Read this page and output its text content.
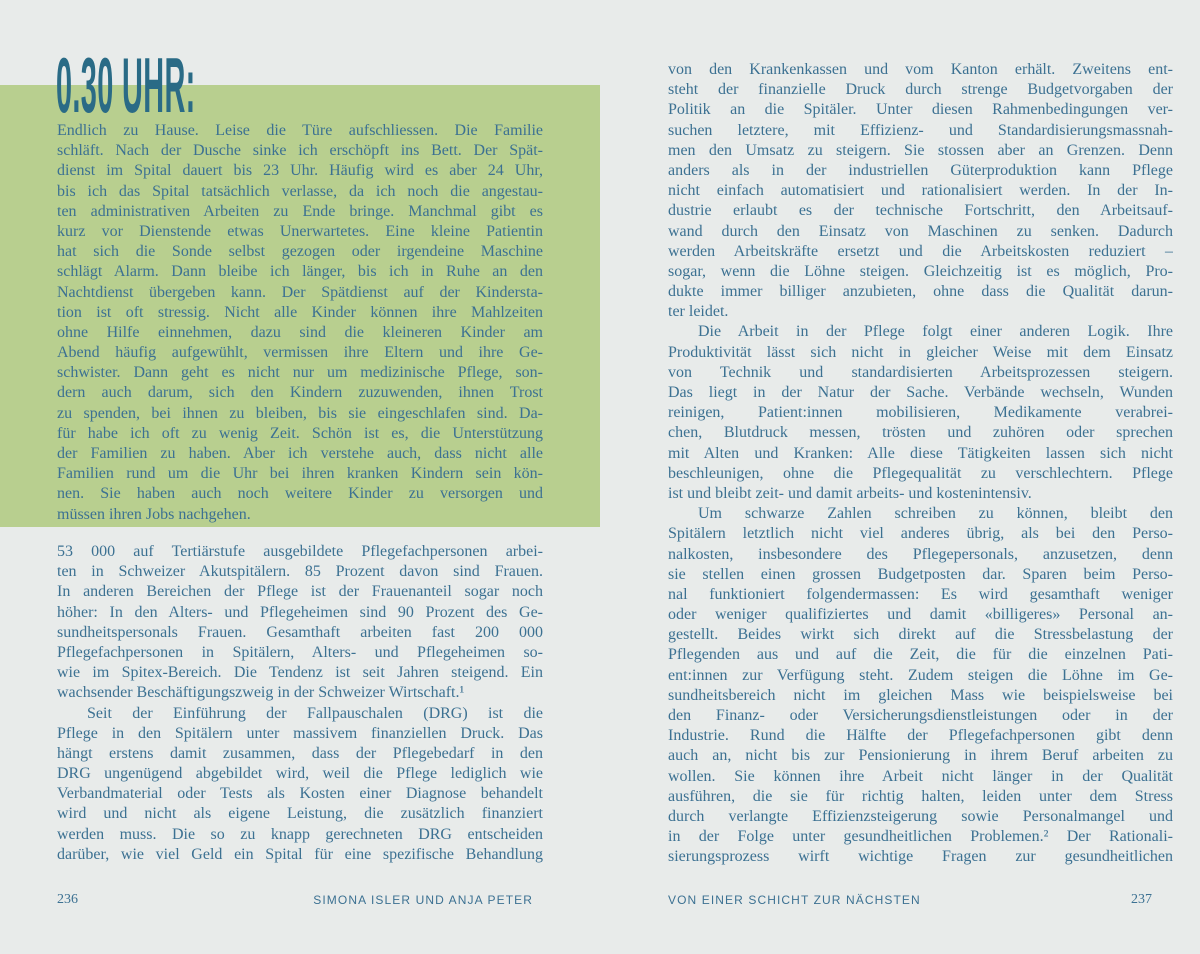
0.30 UHR:
Endlich zu Hause. Leise die Türe aufschliessen. Die Familie
schläft. Nach der Dusche sinke ich erschöpft ins Bett. Der Spät-
dienst im Spital dauert bis 23 Uhr. Häufig wird es aber 24 Uhr,
bis ich das Spital tatsächlich verlasse, da ich noch die angestau-
ten administrativen Arbeiten zu Ende bringe. Manchmal gibt es
kurz vor Dienstende etwas Unerwartetes. Eine kleine Patientin
hat sich die Sonde selbst gezogen oder irgendeine Maschine
schlägt Alarm. Dann bleibe ich länger, bis ich in Ruhe an den
Nachtdienst übergeben kann. Der Spätdienst auf der Kindersta-
tion ist oft stressig. Nicht alle Kinder können ihre Mahlzeiten
ohne Hilfe einnehmen, dazu sind die kleineren Kinder am
Abend häufig aufgewühlt, vermissen ihre Eltern und ihre Ge-
schwister. Dann geht es nicht nur um medizinische Pflege, son-
dern auch darum, sich den Kindern zuzuwenden, ihnen Trost
zu spenden, bei ihnen zu bleiben, bis sie eingeschlafen sind. Da-
für habe ich oft zu wenig Zeit. Schön ist es, die Unterstützung
der Familien zu haben. Aber ich verstehe auch, dass nicht alle
Familien rund um die Uhr bei ihren kranken Kindern sein kön-
nen. Sie haben auch noch weitere Kinder zu versorgen und
müssen ihren Jobs nachgehen.
53 000 auf Tertiärstufe ausgebildete Pflegefachpersonen arbei-
ten in Schweizer Akutspitälern. 85 Prozent davon sind Frauen.
In anderen Bereichen der Pflege ist der Frauenanteil sogar noch
höher: In den Alters- und Pflegeheimen sind 90 Prozent des Ge-
sundheitspersonals Frauen. Gesamthaft arbeiten fast 200 000
Pflegefachpersonen in Spitälern, Alters- und Pflegeheimen so-
wie im Spitex-Bereich. Die Tendenz ist seit Jahren steigend. Ein
wachsender Beschäftigungszweig in der Schweizer Wirtschaft.¹
Seit der Einführung der Fallpauschalen (DRG) ist die
Pflege in den Spitälern unter massivem finanziellen Druck. Das
hängt erstens damit zusammen, dass der Pflegebedarf in den
DRG ungenügend abgebildet wird, weil die Pflege lediglich wie
Verbandmaterial oder Tests als Kosten einer Diagnose behandelt
wird und nicht als eigene Leistung, die zusätzlich finanziert
werden muss. Die so zu knapp gerechneten DRG entscheiden
darüber, wie viel Geld ein Spital für eine spezifische Behandlung
236	SIMONA ISLER UND ANJA PETER
von den Krankenkassen und vom Kanton erhält. Zweitens ent-
steht der finanzielle Druck durch strenge Budgetvorgaben der
Politik an die Spitäler. Unter diesen Rahmenbedingungen ver-
suchen letztere, mit Effizienz- und Standardisierungsmassnah-
men den Umsatz zu steigern. Sie stossen aber an Grenzen. Denn
anders als in der industriellen Güterproduktion kann Pflege
nicht einfach automatisiert und rationalisiert werden. In der In-
dustrie erlaubt es der technische Fortschritt, den Arbeitsauf-
wand durch den Einsatz von Maschinen zu senken. Dadurch
werden Arbeitskräfte ersetzt und die Arbeitskosten reduziert –
sogar, wenn die Löhne steigen. Gleichzeitig ist es möglich, Pro-
dukte immer billiger anzubieten, ohne dass die Qualität darun-
ter leidet.
Die Arbeit in der Pflege folgt einer anderen Logik. Ihre
Produktivität lässt sich nicht in gleicher Weise mit dem Einsatz
von Technik und standardisierten Arbeitsprozessen steigern.
Das liegt in der Natur der Sache. Verbände wechseln, Wunden
reinigen, Patient:innen mobilisieren, Medikamente verabrei-
chen, Blutdruck messen, trösten und zuhören oder sprechen
mit Alten und Kranken: Alle diese Tätigkeiten lassen sich nicht
beschleunigen, ohne die Pflegequalität zu verschlechtern. Pflege
ist und bleibt zeit- und damit arbeits- und kostenintensiv.
Um schwarze Zahlen schreiben zu können, bleibt den
Spitälern letztlich nicht viel anderes übrig, als bei den Perso-
nalkosten, insbesondere des Pflegepersonals, anzusetzen, denn
sie stellen einen grossen Budgetposten dar. Sparen beim Perso-
nal funktioniert folgendermassen: Es wird gesamthaft weniger
oder weniger qualifiziertes und damit «billigeres» Personal an-
gestellt. Beides wirkt sich direkt auf die Stressbelastung der
Pflegenden aus und auf die Zeit, die für die einzelnen Pati-
ent:innen zur Verfügung steht. Zudem steigen die Löhne im Ge-
sundheitsbereich nicht im gleichen Mass wie beispielsweise bei
den Finanz- oder Versicherungsdienstleistungen oder in der
Industrie. Rund die Hälfte der Pflegefachpersonen gibt denn
auch an, nicht bis zur Pensionierung in ihrem Beruf arbeiten zu
wollen. Sie können ihre Arbeit nicht länger in der Qualität
ausführen, die sie für richtig halten, leiden unter dem Stress
durch verlangte Effizienzsteigerung sowie Personalmangel und
in der Folge unter gesundheitlichen Problemen.² Der Rationali-
sierungsprozess wirft wichtige Fragen zur gesundheitlichen
VON EINER SCHICHT ZUR NÄCHSTEN	237
